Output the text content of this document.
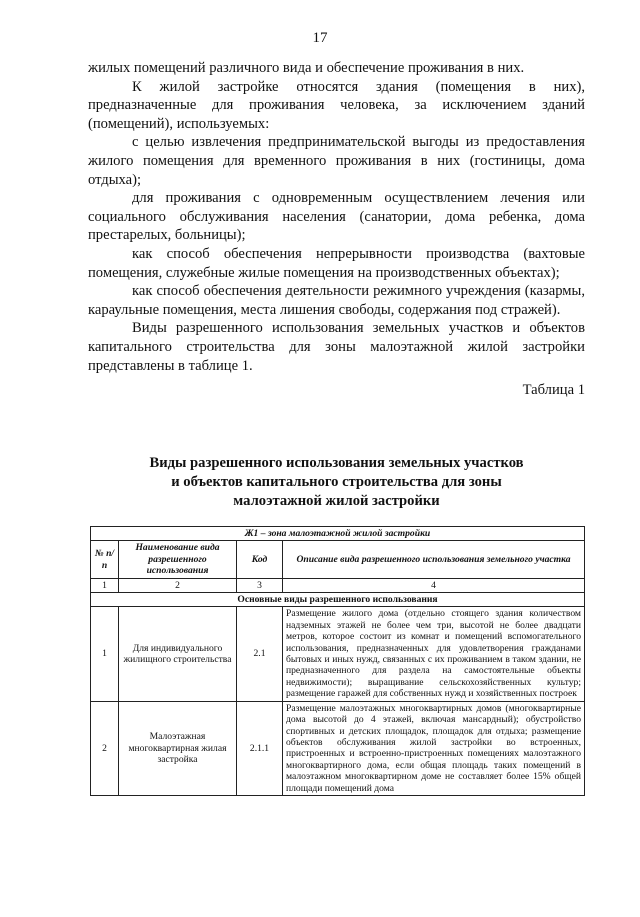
17

жилых помещений различного вида и обеспечение проживания в них.

К жилой застройке относятся здания (помещения в них), предназначенные для проживания человека, за исключением зданий (помещений), используемых:

с целью извлечения предпринимательской выгоды из предоставления жилого помещения для временного проживания в них (гостиницы, дома отдыха);

для проживания с одновременным осуществлением лечения или социального обслуживания населения (санатории, дома ребенка, дома престарелых, больницы);

как способ обеспечения непрерывности производства (вахтовые помещения, служебные жилые помещения на производственных объектах);

как способ обеспечения деятельности режимного учреждения (казармы, караульные помещения, места лишения свободы, содержания под стражей).

Виды разрешенного использования земельных участков и объектов капитального строительства для зоны малоэтажной жилой застройки представлены в таблице 1.

Таблица 1

Виды разрешенного использования земельных участков
и объектов капитального строительства для зоны
малоэтажной жилой застройки
Ж1 – зона малоэтажной жилой застройки			
№ п/п	Наименование вида разрешенного использования	Код	Описание вида разрешенного использования земельного участка
1	2	3	4
Основные виды разрешенного использования			
1	Для индивидуального жилищного строительства	2.1	Размещение жилого дома (отдельно стоящего здания количеством надземных этажей не более чем три, высотой не более двадцати метров, которое состоит из комнат и помещений вспомогательного использования, предназначенных для удовлетворения гражданами бытовых и иных нужд, связанных с их проживанием в таком здании, не предназначенного для раздела на самостоятельные объекты недвижимости); выращивание сельскохозяйственных культур; размещение гаражей для собственных нужд и хозяйственных построек
2	Малоэтажная многоквартирная жилая застройка	2.1.1	Размещение малоэтажных многоквартирных домов (многоквартирные дома высотой до 4 этажей, включая мансардный); обустройство спортивных и детских площадок, площадок для отдыха; размещение объектов обслуживания жилой застройки во встроенных, пристроенных и встроенно-пристроенных помещениях малоэтажного многоквартирного дома, если общая площадь таких помещений в малоэтажном многоквартирном доме не составляет более 15% общей площади помещений дома
